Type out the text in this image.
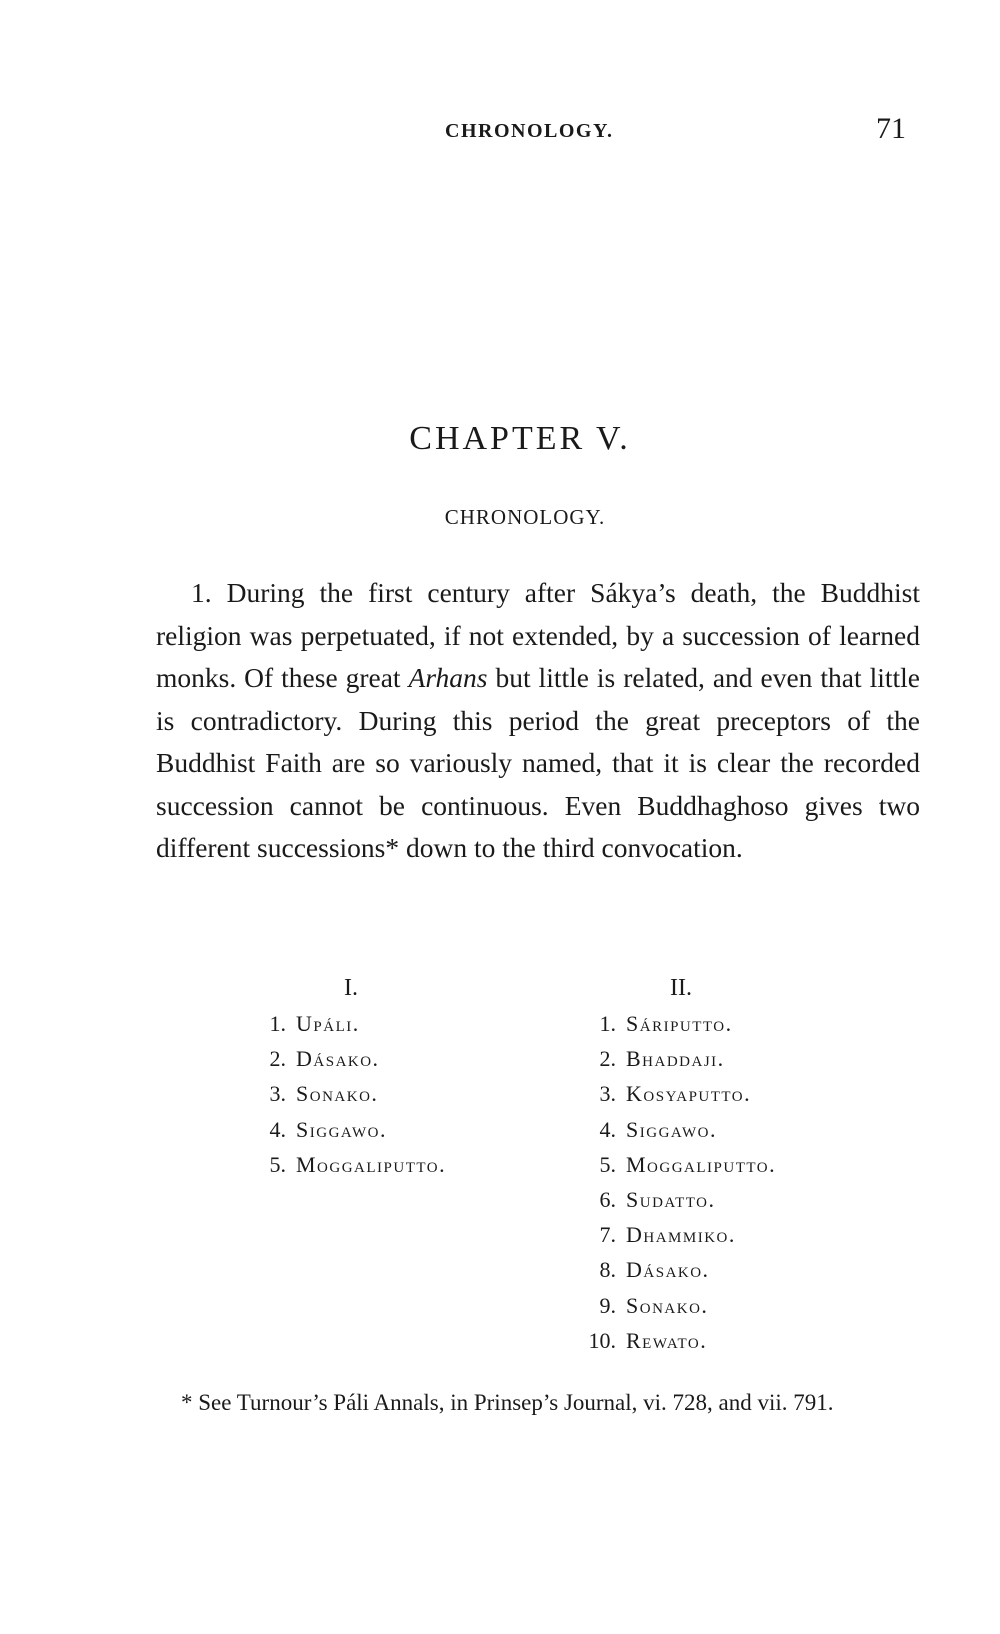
CHRONOLOGY.	71
CHAPTER V.
CHRONOLOGY.

1. During the first century after Sákya’s death, the Buddhist religion was perpetuated, if not extended, by a succession of learned monks. Of these great Arhans but little is related, and even that little is contradictory. During this period the great preceptors of the Buddhist Faith are so variously named, that it is clear the recorded succession cannot be continuous. Even Buddhaghoso gives two different successions* down to the third convocation.

I.
1. Upáli.
2. Dásako.
3. Sonako.
4. Siggawo.
5. Moggaliputto.
II.
1. Sáriputto.
2. Bhaddaji.
3. Kosyaputto.
4. Siggawo.
5. Moggaliputto.
6. Sudatto.
7. Dhammiko.
8. Dásako.
9. Sonako.
10. Rewato.

* See Turnour’s Páli Annals, in Prinsep’s Journal, vi. 728, and vii. 791.
